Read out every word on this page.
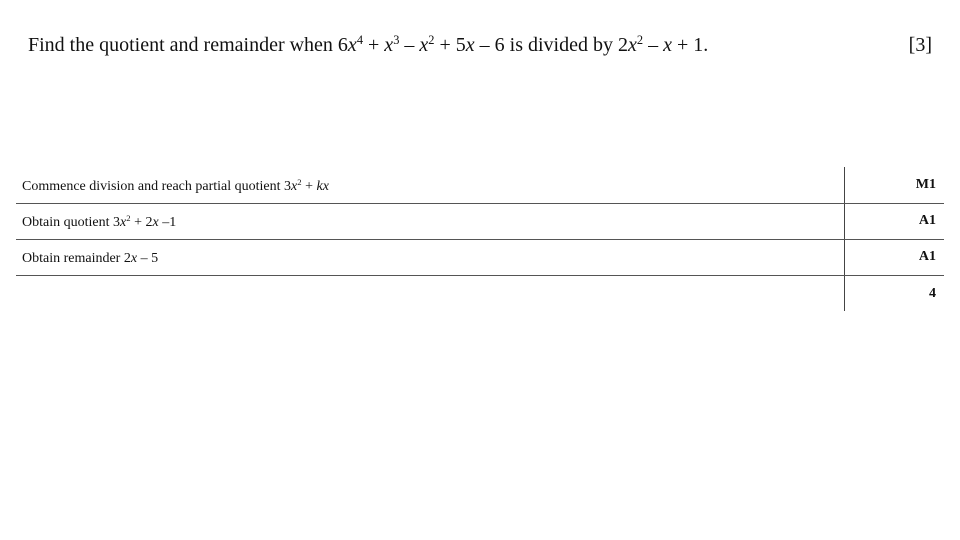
Find the quotient and remainder when $6x^4 + x^3 - x^2 + 5x - 6$ is divided by $2x^2 - x + 1$.	[3]
Commence division and reach partial quotient $3x^2$ + kx	M1
Obtain quotient $3x^2 + 2x$ –1	A1
Obtain remainder 2x – 5	A1
	4
